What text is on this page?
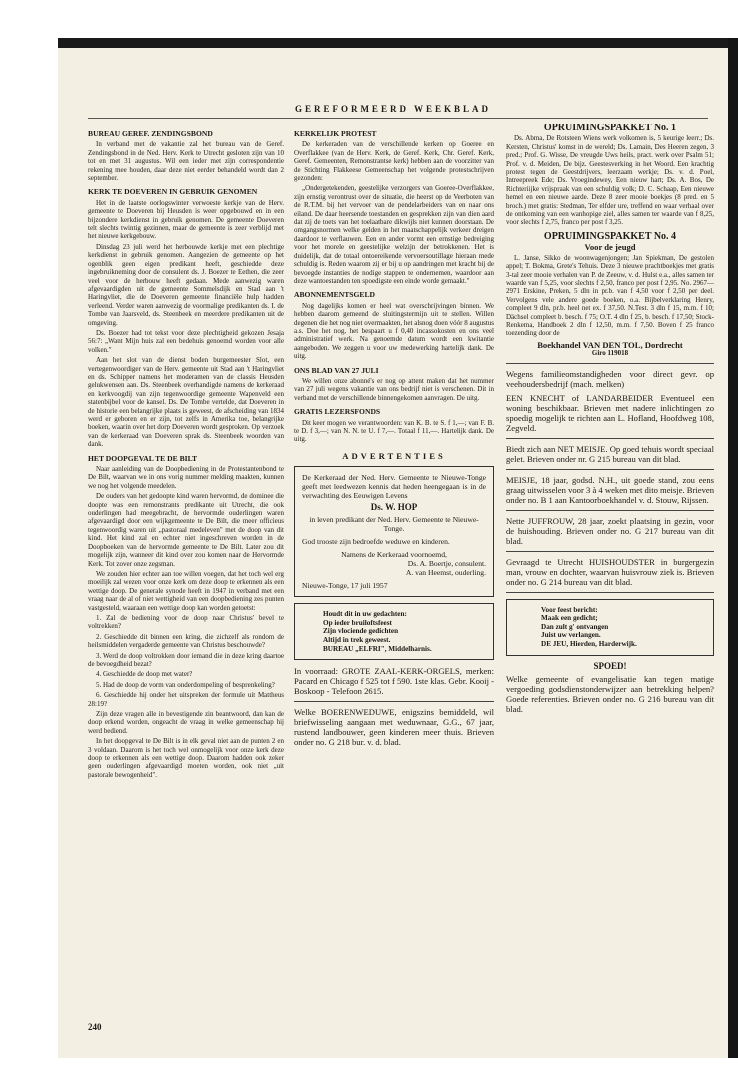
GEREFORMEERD WEEKBLAD
BUREAU GEREF. ZENDINGSBOND

In verband met de vakantie zal het bureau van de Geref. Zendingsbond in de Ned. Herv. Kerk te Utrecht gesloten zijn van 10 tot en met 31 augustus. Wil een ieder met zijn correspondentie rekening mee houden, daar deze niet eerder behandeld wordt dan 2 september.

KERK TE DOEVEREN IN GEBRUIK GENOMEN

Het in de laatste oorlogswinter verwoeste kerkje van de Herv. gemeente te Doeveren bij Heusden is weer opgebouwd en in een bijzondere kerkdienst in gebruik genomen. De gemeente Doeveren telt slechts twintig gezinnen, maar de gemeente is zeer verblijd met het nieuwe kerkgebouw.

Dinsdag 23 juli werd het herbouwde kerkje met een plechtige kerkdienst in gebruik genomen. Aangezien de gemeente op het ogenblik geen eigen predikant heeft, geschiedde deze ingebruikneming door de consulent ds. J. Boezer te Eethen, die zeer veel voor de herbouw heeft gedaan. Mede aanwezig waren afgevaardigden uit de gemeente Sommelsdijk en Stad aan 't Haringvliet, die de Doeveren gemeente financiële hulp hadden verleend. Verder waren aanwezig de voormalige predikanten ds. I. de Tombe van Jaarsveld, ds. Steenbeek en meerdere predikanten uit de omgeving.

Ds. Boezer had tot tekst voor deze plechtigheid gekozen Jesaja 56:7: „Want Mijn huis zal een bedehuis genoemd worden voor alle volken."

Aan het slot van de dienst boden burgemeester Slot, een vertegenwoordiger van de Herv. gemeente uit Stad aan 't Haringvliet en ds. Schipper namens het moderamen van de classis Heusden gelukwensen aan. Ds. Steenbeek overhandigde namens de kerkeraad en kerkvoogdij van zijn tegenwoordige gemeente Wapenveld een statenbijbel voor de kansel. Ds. De Tombe vertelde, dat Doeveren in de historie een belangrijke plaats is geweest, de afscheiding van 1834 werd er geboren en er zijn, tot zelfs in Amerika toe, belangrijke boeken, waarin over het dorp Doeveren wordt gesproken. Op verzoek van de kerkeraad van Doeveren sprak ds. Steenbeek woorden van dank.

HET DOOPGEVAL TE DE BILT

Naar aanleiding van de Doopbediening in de Protestantenbond te De Bilt, waarvan we in ons vorig nummer melding maakten, kunnen we nog het volgende meedelen.

De ouders van het gedoopte kind waren hervormd, de dominee die doopte was een remonstrants predikante uit Utrecht, die ook ouderlingen had meegebracht, de hervormde ouderlingen waren afgevaardigd door een wijkgemeente te De Bilt, die meer officieus tegenwoordig waren uit „pastoraal medeleven" met de doop van dit kind. Het kind zal en echter niet ingeschreven worden in de Doopboeken van de hervormde gemeente te De Bilt. Later zou dit mogelijk zijn, wanneer dit kind over zou komen naar de Hervormde Kerk. Tot zover onze zegsman.

We zouden hier echter aan toe willen voegen, dat het toch wel erg moeilijk zal wezen voor onze kerk om deze doop te erkennen als een wettige doop. De generale synode heeft in 1947 in verband met een vraag naar de al of niet wettigheid van een doopbediening zes punten vastgesteld, waaraan een wettige doop kan worden getoetst:

1. Zal de bediening voor de doop naar Christus' bevel te voltrekken?

2. Geschiedde dit binnen een kring, die zichzelf als rondom de heilsmiddelen vergaderde gemeente van Christus beschouwde?

3. Werd de doop voltrokken door iemand die in deze kring daartoe de bevoegdheid bezat?

4. Geschiedde de doop met water?

5. Had de doop de vorm van onderdompeling of besprenkeling?

6. Geschiedde hij onder het uitspreken der formule uit Mattheus 28:19?

Zijn deze vragen alle in bevestigende zin beantwoord, dan kan de doop erkend worden, ongeacht de vraag in welke gemeenschap hij werd bediend.

In het doopgeval te De Bilt is in elk geval niet aan de punten 2 en 3 voldaan. Daarom is het toch wel onmogelijk voor onze kerk deze doop te erkennen als een wettige doop. Daarom hadden ook zeker geen ouderlingen afgevaardigd moeten worden, ook niet „uit pastorale bewogenheid".

KERKELIJK PROTEST

De kerkeraden van de verschillende kerken op Goeree en Overflakkee (van de Herv. Kerk, de Geref. Kerk, Chr. Geref. Kerk, Geref. Gemeenten, Remonstrantse kerk) hebben aan de voorzitter van de Stichting Flakkeese Gemeenschap het volgende protestschrijven gezonden:

„Ondergetekenden, geestelijke verzorgers van Goeree-Overflakkee, zijn ernstig verontrust over de situatie, die heerst op de Veerboten van de R.T.M. bij het vervoer van de pendelarbeiders van en naar ons eiland. De daar heersende toestanden en gesprekken zijn van dien aard dat zij de toets van het toelaatbare dikwijls niet kunnen doorstaan. De omgangsnormen welke gelden in het maatschappelijk verkeer dreigen daardoor te verflauwen. Een en ander vormt een ernstige bedreiging voor het morele en geestelijke welzijn der betrokkenen. Het is duidelijk, dat de totaal ontoereikende vervoersoutillage hieraan mede schuldig is. Reden waarom zij er bij u op aandringen met kracht bij de bevoegde instanties de nodige stappen te ondernemen, waardoor aan deze wantoestanden ten spoedigste een einde worde gemaakt."

ABONNEMENTSGELD

Nog dagelijks komen er heel wat overschrijvingen binnen. We hebben daarom gemeend de sluitingstermijn uit te stellen. Willen degenen die het nog niet overmaakten, het alsnog doen vóór 8 augustus a.s. Doe het nog, het bespaart u f 0,40 incassokosten en ons veel administratief werk. Na genoemde datum wordt een kwitantie aangeboden. We zeggen u voor uw medewerking hartelijk dank. De uitg.

ONS BLAD VAN 27 JULI

We willen onze abonné's er nog op attent maken dat het nummer van 27 juli wegens vakantie van ons bedrijf niet is verschenen. Dit in verband met de verschillende binnengekomen aanvragen. De uitg.

GRATIS LEZERSFONDS

Dit keer mogen we verantwoorden: van K. B. te S. f 1,—; van F. B. te D. f 3,—; van N. N. te U. f 7,—. Totaal f 11,—. Hartelijk dank. De uitg.

ADVERTENTIES
De Kerkeraad der Ned. Herv. Gemeente te Nieuwe-Tonge geeft met leedwezen kennis dat heden heengegaan is in de verwachting des Eeuwigen Levens
Ds. W. HOP
in leven predikant der Ned. Herv. Gemeente te Nieuwe-Tonge.
God trooste zijn bedroefde weduwe en kinderen.
Namens de Kerkeraad voornoemd,
Ds. A. Boertje, consulent.
A. van Heemst, ouderling.
Nieuwe-Tonge, 17 juli 1957
Houdt dit in uw gedachten:
Op ieder bruiloftsfeest
Zijn vlociende gedichten
Altijd in trek geweest.
BUREAU „ELFRI", Middelharnis.
In voorraad: GROTE ZAAL-KERK-ORGELS, merken: Pacard en Chicago f 525 tot f 590. 1ste klas. Gebr. Kooij - Boskoop - Telefoon 2615.
Welke BOERENWEDUWE, enigszins bemiddeld, wil briefwisseling aangaan met weduwnaar, G.G., 67 jaar, rustend landbouwer, geen kinderen meer thuis. Brieven onder no. G 218 bur. v. d. blad.
OPRUIMINGSPAKKET No. 1

Ds. Abma, De Rotsteen Wiens werk volkomen is, 5 keurige leerr.; Ds. Kersten, Christus' komst in de wereld; Ds. Lamain, Des Heeren zegen, 3 pred.; Prof. G. Wisse, De vreugde Uws heils, pract. werk over Psalm 51; Prof. v. d. Meiden, De bijz. Geestesverking in het Woord. Een krachtig protest tegen de Geestdrijvers, leerzaam werkje; Ds. v. d. Poel, Intreepreek Ede; Ds. Vroegindewey, Een nieuw hart; Ds. A. Bos, De Richteriijke vrijspraak van een schuldig volk; D. C. Schaap, Een nieuwe hemel en een nieuwe aarde. Deze 8 zeer mooie boekjes (8 pred. en 5 broch.) met gratis: Stedman, Ter elfder ure, treffend en waar verhaal over de ontkoming van een wanhopige ziel, alles samen ter waarde van f 8,25, voor slechts f 2,75, franco per post f 3,25.

OPRUIMINGSPAKKET No. 4
Voor de jeugd

L. Janse, Sikko de woonwagenjongen; Jan Spiekman, De gestolen appel; T. Bokma, Grete's Tehuis. Deze 3 nieuwe prachtboekjes met gratis 3-tal zeer mooie verhalen van P. de Zeeuw, v. d. Hulst e.a., alles samen ter waarde van f 5,25, voor slechts f 2,50, franco per post f 2,95. No. 2967—2971 Erskine, Preken, 5 dln in pr.b. van f 4,50 voor f 2,50 per deel. Vervolgens vele andere goede boeken, o.a. Bijbelverklaring Henry, compleet 9 dln, pr.b. heel net ex. f 37,50. N.Test. 3 dln f 15, m.m. f 10; Dächsel compleet b. besch. f 75; O.T. 4 dln f 25, b. besch. f 17,50; Stock-Renkema, Handboek 2 dln f 12,50, m.m. f 7,50. Boven f 25 franco toezending door de

Boekhandel VAN DEN TOL, Dordrecht
Giro 119018
Wegens familieomstandigheden voor direct gevr. op veehoudersbedrijf (mach. melken)
EEN KNECHT of LANDARBEIDER Eventueel een woning beschikbaar. Brieven met nadere inlichtingen zo spoedig mogelijk te richten aan L. Hofland, Hoofdweg 108, Zegveld.
Biedt zich aan NET MEISJE. Op goed tehuis wordt speciaal gelet. Brieven onder nr. G 215 bureau van dit blad.
MEISJE, 18 jaar, godsd. N.H., uit goede stand, zou eens graag uitwisselen voor 3 à 4 weken met dito meisje. Brieven onder no. B 1 aan Kantoorboekhandel v. d. Stouw, Rijssen.
Nette JUFFROUW, 28 jaar, zoekt plaatsing in gezin, voor de huishouding. Brieven onder no. G 217 bureau van dit blad.
Gevraagd te Utrecht HUISHOUDSTER in burgergezin man, vrouw en dochter, waarvan huisvrouw ziek is. Brieven onder no. G 214 bureau van dit blad.
Voor feest bericht:
Maak een gedicht;
Dan zult g' ontvangen
Juist uw verlangen.
DE JEU, Hierden, Harderwijk.
SPOED!
Welke gemeente of evangelisatie kan tegen matige vergoeding godsdienstonderwijzer aan betrekking helpen? Goede referenties. Brieven onder no. G 216 bureau van dit blad.
240
